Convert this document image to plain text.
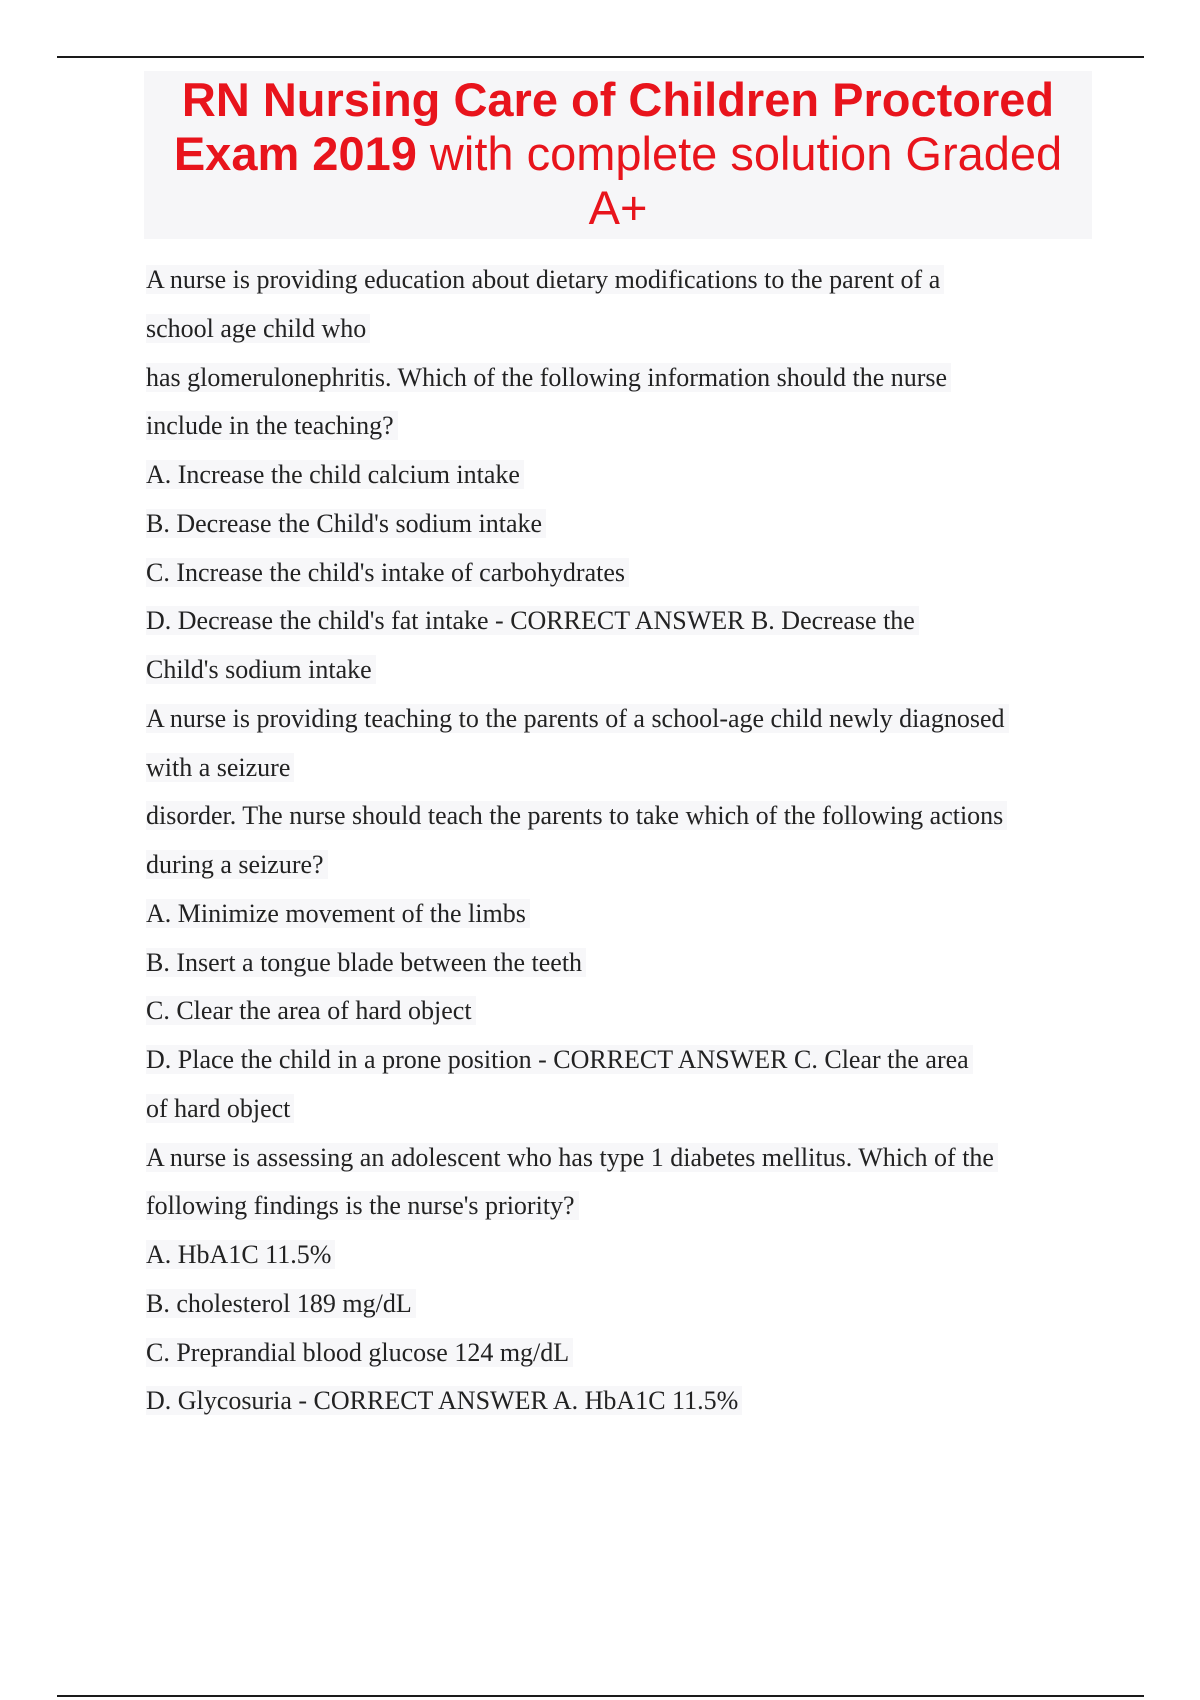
RN Nursing Care of Children Proctored Exam 2019 with complete solution Graded A+
A nurse is providing education about dietary modifications to the parent of a
school age child who
has glomerulonephritis. Which of the following information should the nurse
include in the teaching?
A. Increase the child calcium intake
B. Decrease the Child's sodium intake
C. Increase the child's intake of carbohydrates
D. Decrease the child's fat intake - CORRECT ANSWER B. Decrease the
Child's sodium intake
A nurse is providing teaching to the parents of a school-age child newly diagnosed
with a seizure
disorder. The nurse should teach the parents to take which of the following actions
during a seizure?
A. Minimize movement of the limbs
B. Insert a tongue blade between the teeth
C. Clear the area of hard object
D. Place the child in a prone position - CORRECT ANSWER C. Clear the area
of hard object
A nurse is assessing an adolescent who has type 1 diabetes mellitus. Which of the
following findings is the nurse's priority?
A. HbA1C 11.5%
B. cholesterol 189 mg/dL
C. Preprandial blood glucose 124 mg/dL
D. Glycosuria - CORRECT ANSWER A. HbA1C 11.5%
